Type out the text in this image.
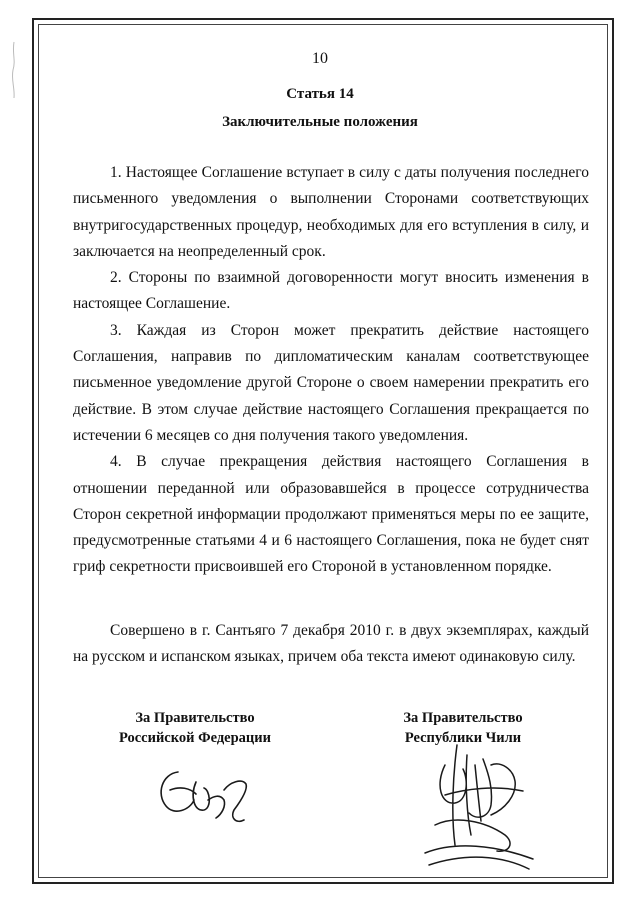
10
Статья 14
Заключительные положения

1. Настоящее Соглашение вступает в силу с даты получения последнего письменного уведомления о выполнении Сторонами соответствующих внутригосударственных процедур, необходимых для его вступления в силу, и заключается на неопределенный срок.

2. Стороны по взаимной договоренности могут вносить изменения в настоящее Соглашение.

3. Каждая из Сторон может прекратить действие настоящего Соглашения, направив по дипломатическим каналам соответствующее письменное уведомление другой Стороне о своем намерении прекратить его действие. В этом случае действие настоящего Соглашения прекращается по истечении 6 месяцев со дня получения такого уведомления.

4. В случае прекращения действия настоящего Соглашения в отношении переданной или образовавшейся в процессе сотрудничества Сторон секретной информации продолжают применяться меры по ее защите, предусмотренные статьями 4 и 6 настоящего Соглашения, пока не будет снят гриф секретности присвоившей его Стороной в установленном порядке.

Совершено в г. Сантьяго 7 декабря 2010 г. в двух экземплярах, каждый на русском и испанском языках, причем оба текста имеют одинаковую силу.
За Правительство
Российской Федерации
За Правительство
Республики Чили
